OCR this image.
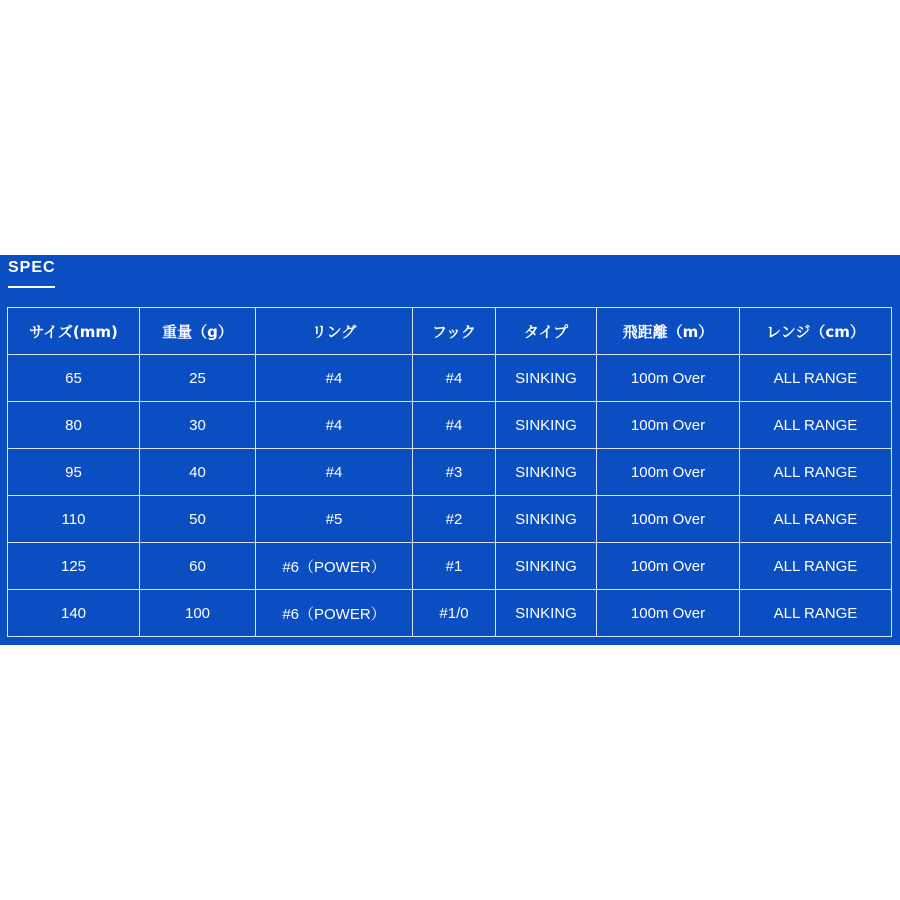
SPEC
サイズ(mm)	重量（g）	リング	フック	タイプ	飛距離（m）	レンジ（cm）
65	25	#4	#4	SINKING	100m Over	ALL RANGE
80	30	#4	#4	SINKING	100m Over	ALL RANGE
95	40	#4	#3	SINKING	100m Over	ALL RANGE
110	50	#5	#2	SINKING	100m Over	ALL RANGE
125	60	#6（POWER）	#1	SINKING	100m Over	ALL RANGE
140	100	#6（POWER）	#1/0	SINKING	100m Over	ALL RANGE
